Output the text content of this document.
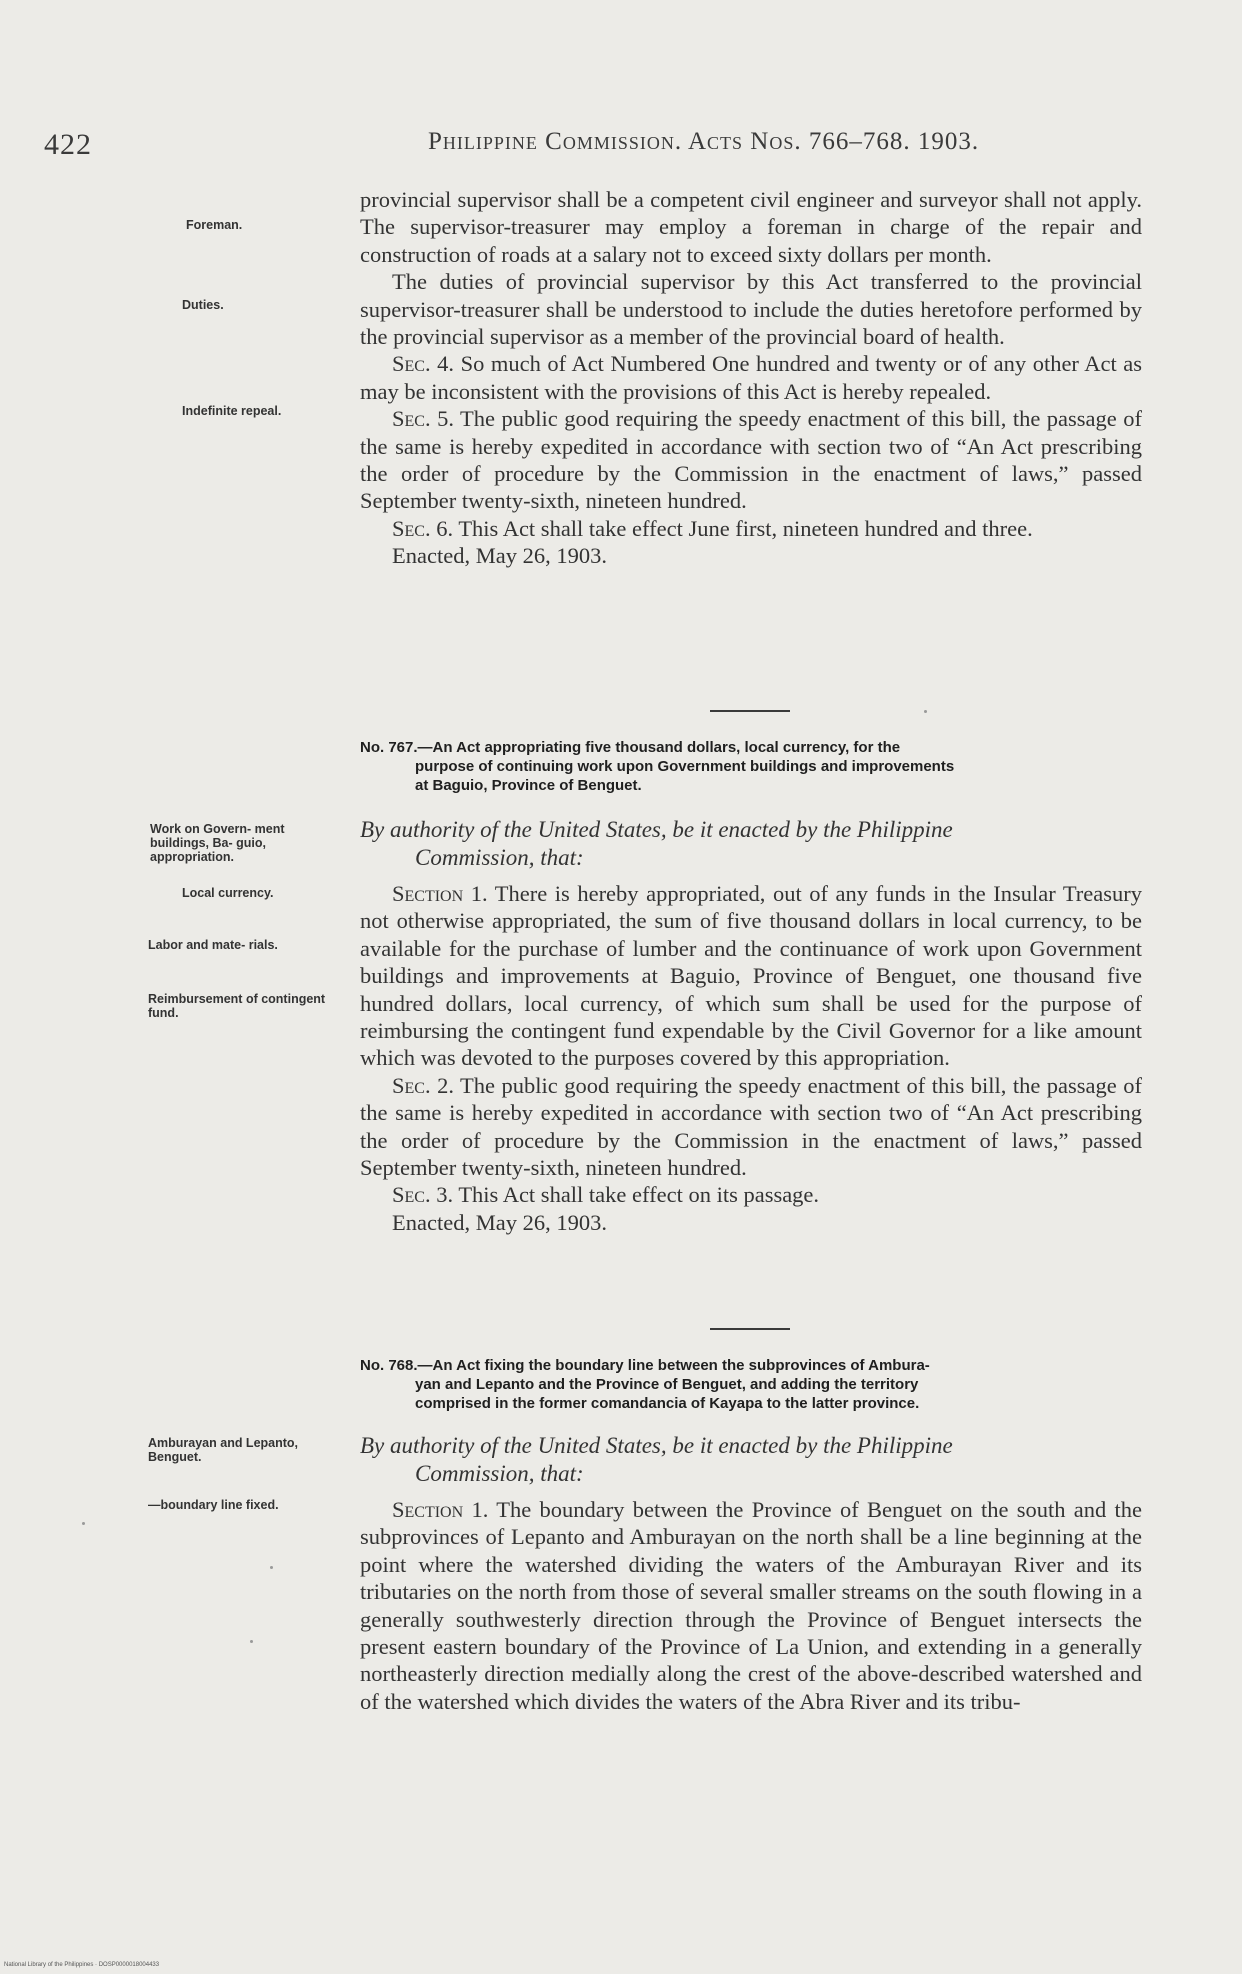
422	Philippine Commission. Acts Nos. 766–768. 1903.
Foreman.
Duties.
Indefinite repeal.
Work on Govern- ment buildings, Ba- guio, appropriation.
Local currency.
Labor and mate- rials.
Reimbursement of contingent fund.
Amburayan and Lepanto, Benguet.
—boundary line fixed.

provincial supervisor shall be a competent civil engineer and surveyor shall not apply. The supervisor-treasurer may employ a foreman in charge of the repair and construction of roads at a salary not to exceed sixty dollars per month.

The duties of provincial supervisor by this Act transferred to the provincial supervisor-treasurer shall be understood to include the duties heretofore performed by the provincial supervisor as a member of the provincial board of health.

Sec. 4. So much of Act Numbered One hundred and twenty or of any other Act as may be inconsistent with the provisions of this Act is hereby repealed.

Sec. 5. The public good requiring the speedy enactment of this bill, the passage of the same is hereby expedited in accordance with section two of “An Act prescribing the order of procedure by the Commission in the enactment of laws,” passed September twenty-sixth, nineteen hundred.

Sec. 6. This Act shall take effect June first, nineteen hundred and three.

Enacted, May 26, 1903.

No. 767.—An Act appropriating five thousand dollars, local currency, for the
purpose of continuing work upon Government buildings and improvements
at Baguio, Province of Benguet.
By authority of the United States, be it enacted by the Philippine
Commission, that:

Section 1. There is hereby appropriated, out of any funds in the Insular Treasury not otherwise appropriated, the sum of five thousand dollars in local currency, to be available for the purchase of lumber and the continuance of work upon Government buildings and improvements at Baguio, Province of Benguet, one thousand five hundred dollars, local currency, of which sum shall be used for the purpose of reimbursing the contingent fund expendable by the Civil Governor for a like amount which was devoted to the purposes covered by this appropriation.

Sec. 2. The public good requiring the speedy enactment of this bill, the passage of the same is hereby expedited in accordance with section two of “An Act prescribing the order of procedure by the Commission in the enactment of laws,” passed September twenty-sixth, nineteen hundred.

Sec. 3. This Act shall take effect on its passage.

Enacted, May 26, 1903.

No. 768.—An Act fixing the boundary line between the subprovinces of Ambura-
yan and Lepanto and the Province of Benguet, and adding the territory
comprised in the former comandancia of Kayapa to the latter province.
By authority of the United States, be it enacted by the Philippine
Commission, that:

Section 1. The boundary between the Province of Benguet on the south and the subprovinces of Lepanto and Amburayan on the north shall be a line beginning at the point where the watershed dividing the waters of the Amburayan River and its tributaries on the north from those of several smaller streams on the south flowing in a generally southwesterly direction through the Province of Benguet intersects the present eastern boundary of the Province of La Union, and extending in a generally northeasterly direction medially along the crest of the above-described watershed and of the watershed which divides the waters of the Abra River and its tribu-

National Library of the Philippines · DOSP0000018004433
